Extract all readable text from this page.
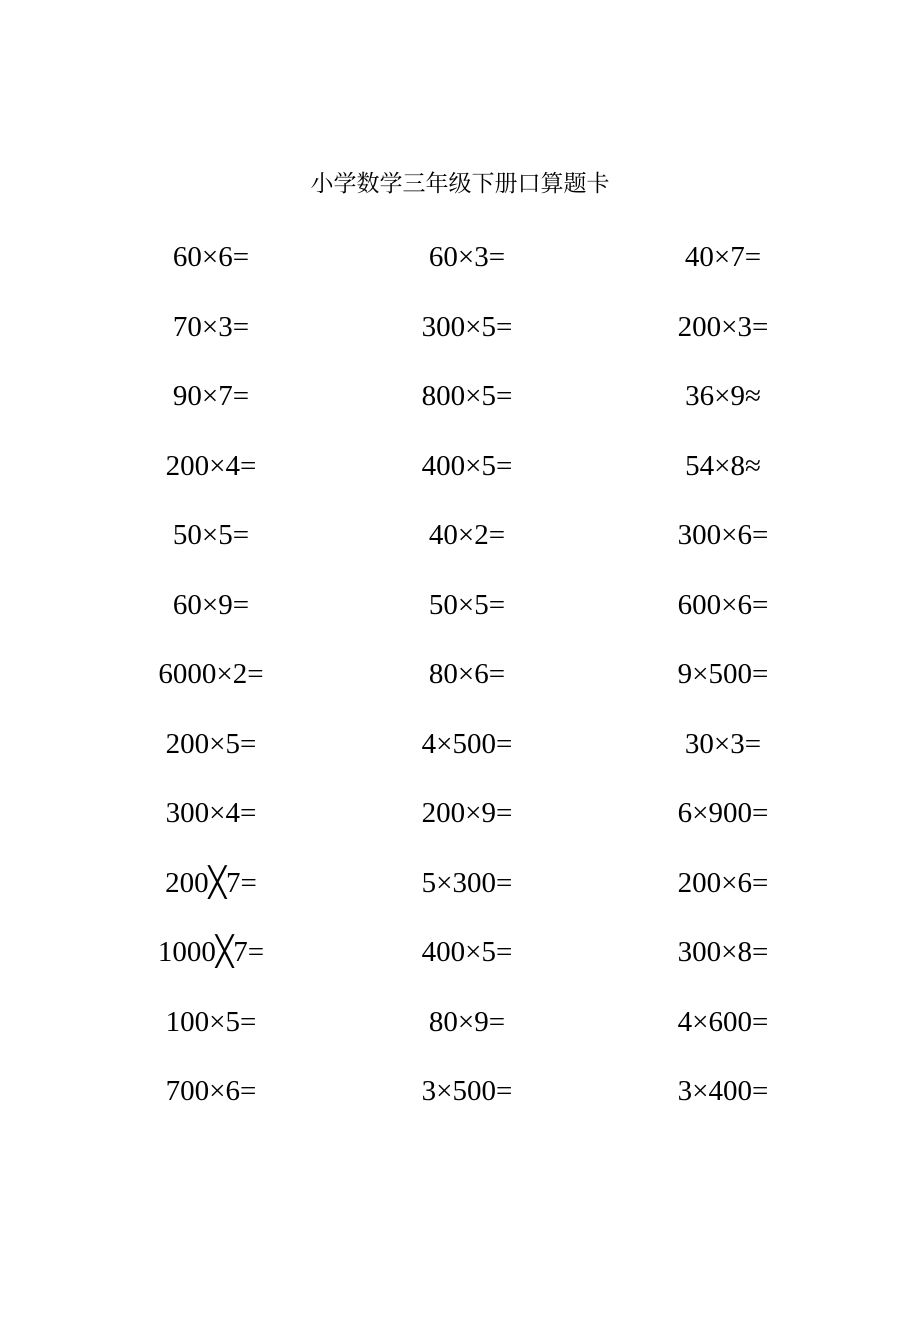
小学数学三年级下册口算题卡
60×6=	60×3=	40×7=
70×3=	300×5=	200×3=
90×7=	800×5=	36×9≈
200×4=	400×5=	54×8≈
50×5=	40×2=	300×6=
60×9=	50×5=	600×6=
6000×2=	80×6=	9×500=
200×5=	4×500=	30×3=
300×4=	200×9=	6×900=
200╳7=	5×300=	200×6=
1000╳7=	400×5=	300×8=
100×5=	80×9=	4×600=
700×6=	3×500=	3×400=
